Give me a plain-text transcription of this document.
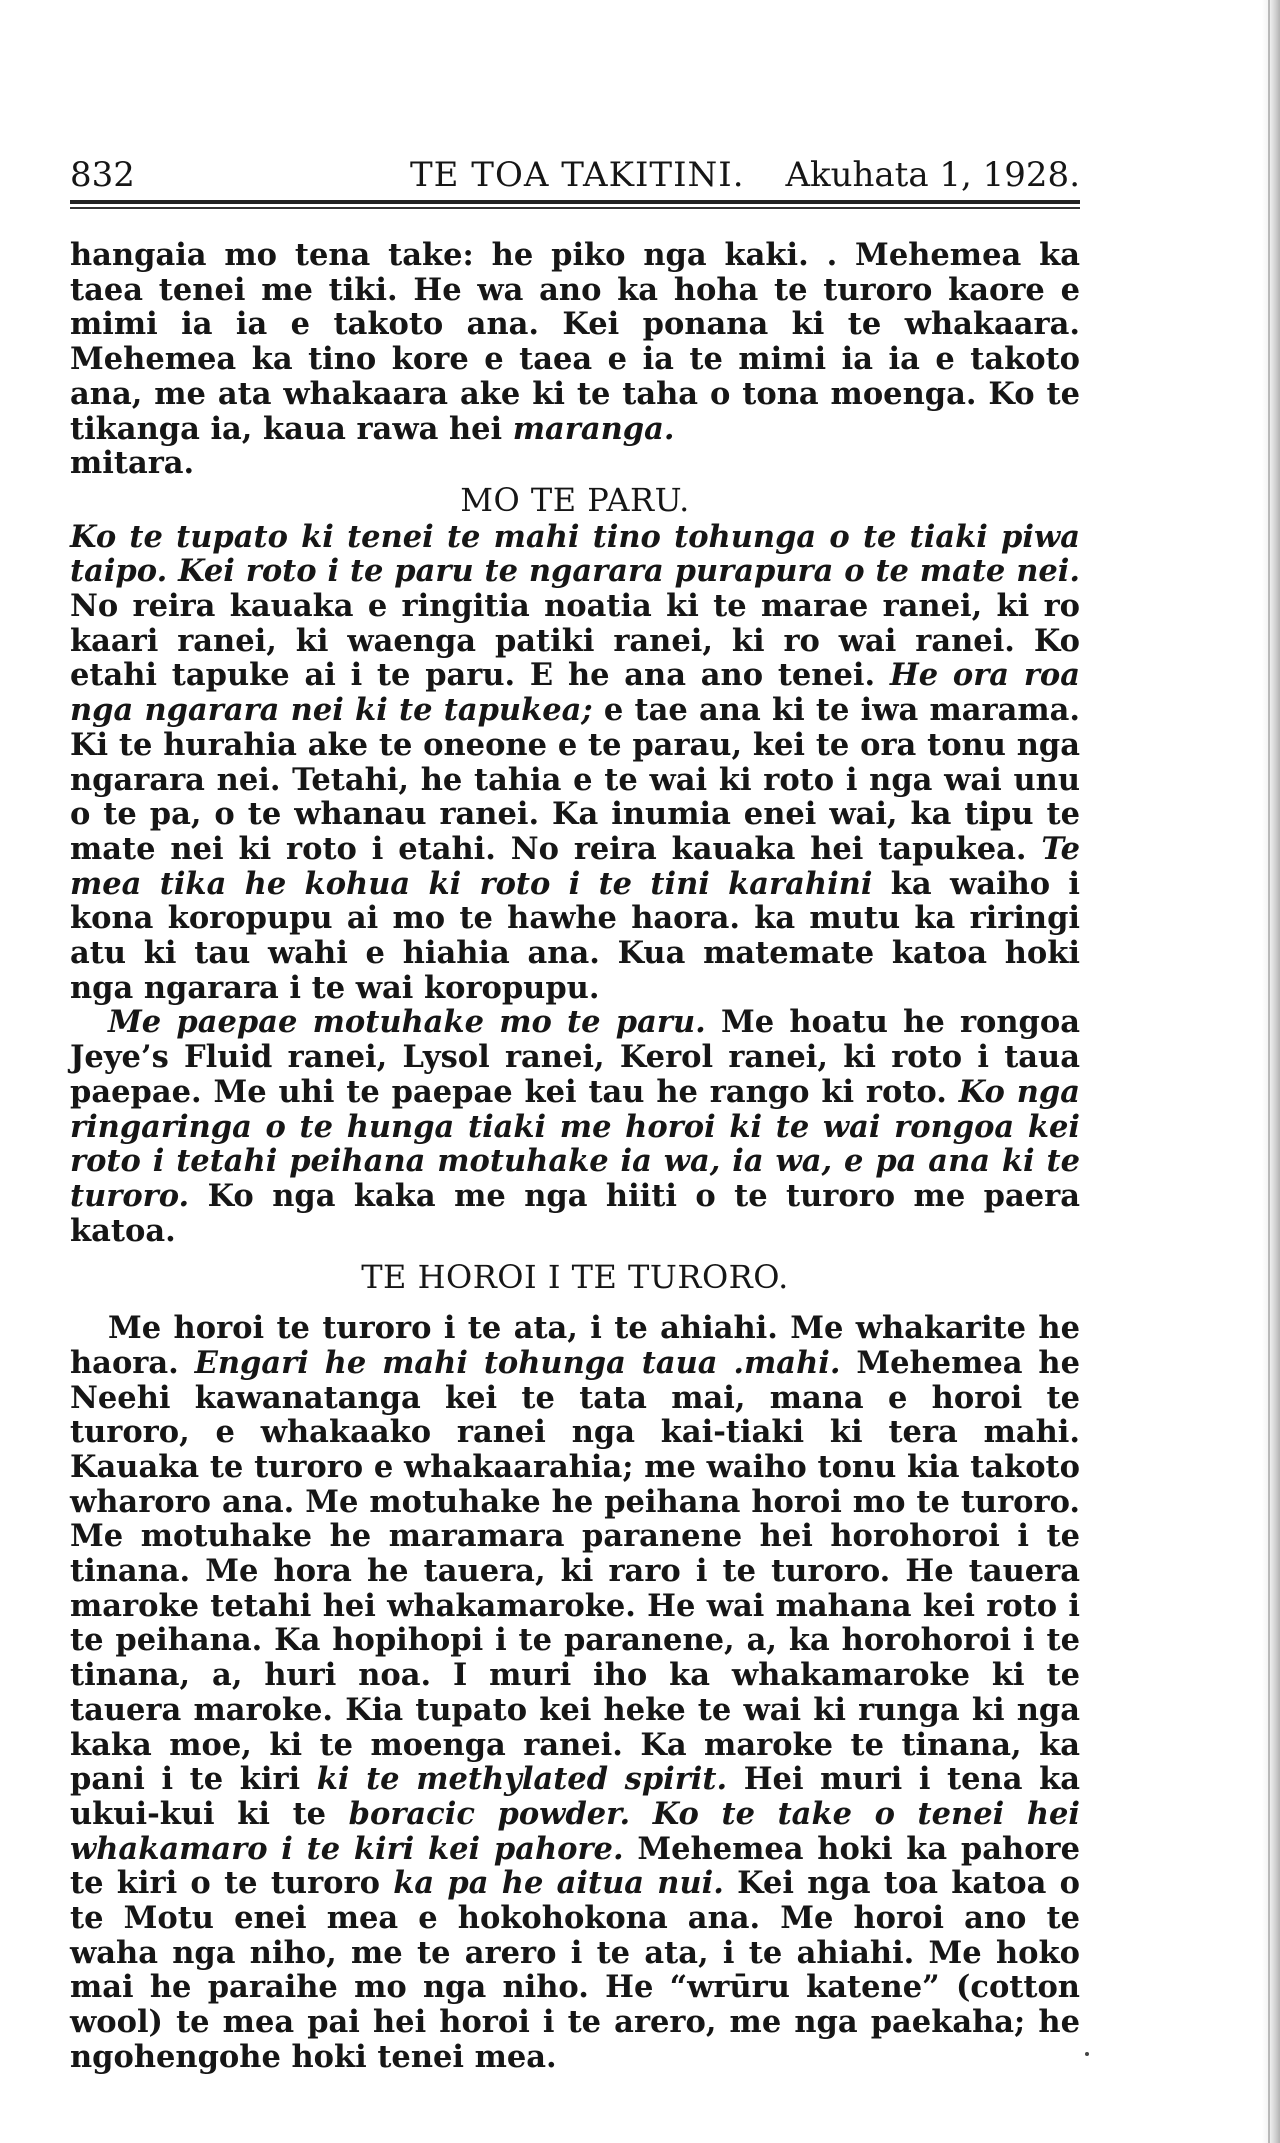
832	TE TOA TAKITINI. Akuhata 1, 1928.

hangaia mo tena take: he piko nga kaki. . Mehemea ka taea tenei me tiki. He wa ano ka hoha te turoro kaore e mimi ia ia e takoto ana. Kei ponana ki te whakaara. Mehemea ka tino kore e taea e ia te mimi ia ia e takoto ana, me ata whakaara ake ki te taha o tona moenga. Ko te tikanga ia, kaua rawa hei maranga.

mitara.

MO TE PARU.

Ko te tupato ki tenei te mahi tino tohunga o te tiaki piwa taipo. Kei roto i te paru te ngarara purapura o te mate nei. No reira kauaka e ringitia noatia ki te marae ranei, ki ro kaari ranei, ki waenga patiki ranei, ki ro wai ranei. Ko etahi tapuke ai i te paru. E he ana ano tenei. He ora roa nga ngarara nei ki te tapukea; e tae ana ki te iwa marama. Ki te hurahia ake te oneone e te parau, kei te ora tonu nga ngarara nei. Tetahi, he tahia e te wai ki roto i nga wai unu o te pa, o te whanau ranei. Ka inumia enei wai, ka tipu te mate nei ki roto i etahi. No reira kauaka hei tapukea. Te mea tika he kohua ki roto i te tini karahini ka waiho i kona koropupu ai mo te hawhe haora. ka mutu ka riringi atu ki tau wahi e hiahia ana. Kua matemate katoa hoki nga ngarara i te wai koropupu.

Me paepae motuhake mo te paru. Me hoatu he rongoa Jeye’s Fluid ranei, Lysol ranei, Kerol ranei, ki roto i taua paepae. Me uhi te paepae kei tau he rango ki roto. Ko nga ringaringa o te hunga tiaki me horoi ki te wai rongoa kei roto i tetahi peihana motuhake ia wa, ia wa, e pa ana ki te turoro. Ko nga kaka me nga hiiti o te turoro me paera katoa.

TE HOROI I TE TURORO.

Me horoi te turoro i te ata, i te ahiahi. Me whakarite he haora. Engari he mahi tohunga taua .mahi. Mehemea he Neehi kawanatanga kei te tata mai, mana e horoi te turoro, e whakaako ranei nga kai-tiaki ki tera mahi. Kauaka te turoro e whakaarahia; me waiho tonu kia takoto wharoro ana. Me motuhake he peihana horoi mo te turoro. Me motuhake he maramara paranene hei horohoroi i te tinana. Me hora he tauera, ki raro i te turoro. He tauera maroke tetahi hei whakamaroke. He wai mahana kei roto i te peihana. Ka hopihopi i te paranene, a, ka horohoroi i te tinana, a, huri noa. I muri iho ka whakamaroke ki te tauera maroke. Kia tupato kei heke te wai ki runga ki nga kaka moe, ki te moenga ranei. Ka maroke te tinana, ka pani i te kiri ki te methylated spirit. Hei muri i tena ka ukui-kui ki te boracic powder. Ko te take o tenei hei whakamaro i te kiri kei pahore. Mehemea hoki ka pahore te kiri o te turoro ka pa he aitua nui. Kei nga toa katoa o te Motu enei mea e hokohokona ana. Me horoi ano te waha nga niho, me te arero i te ata, i te ahiahi. Me hoko mai he paraihe mo nga niho. He “wrūru katene” (cotton wool) te mea pai hei horoi i te arero, me nga paekaha; he ngohengohe hoki tenei mea.
